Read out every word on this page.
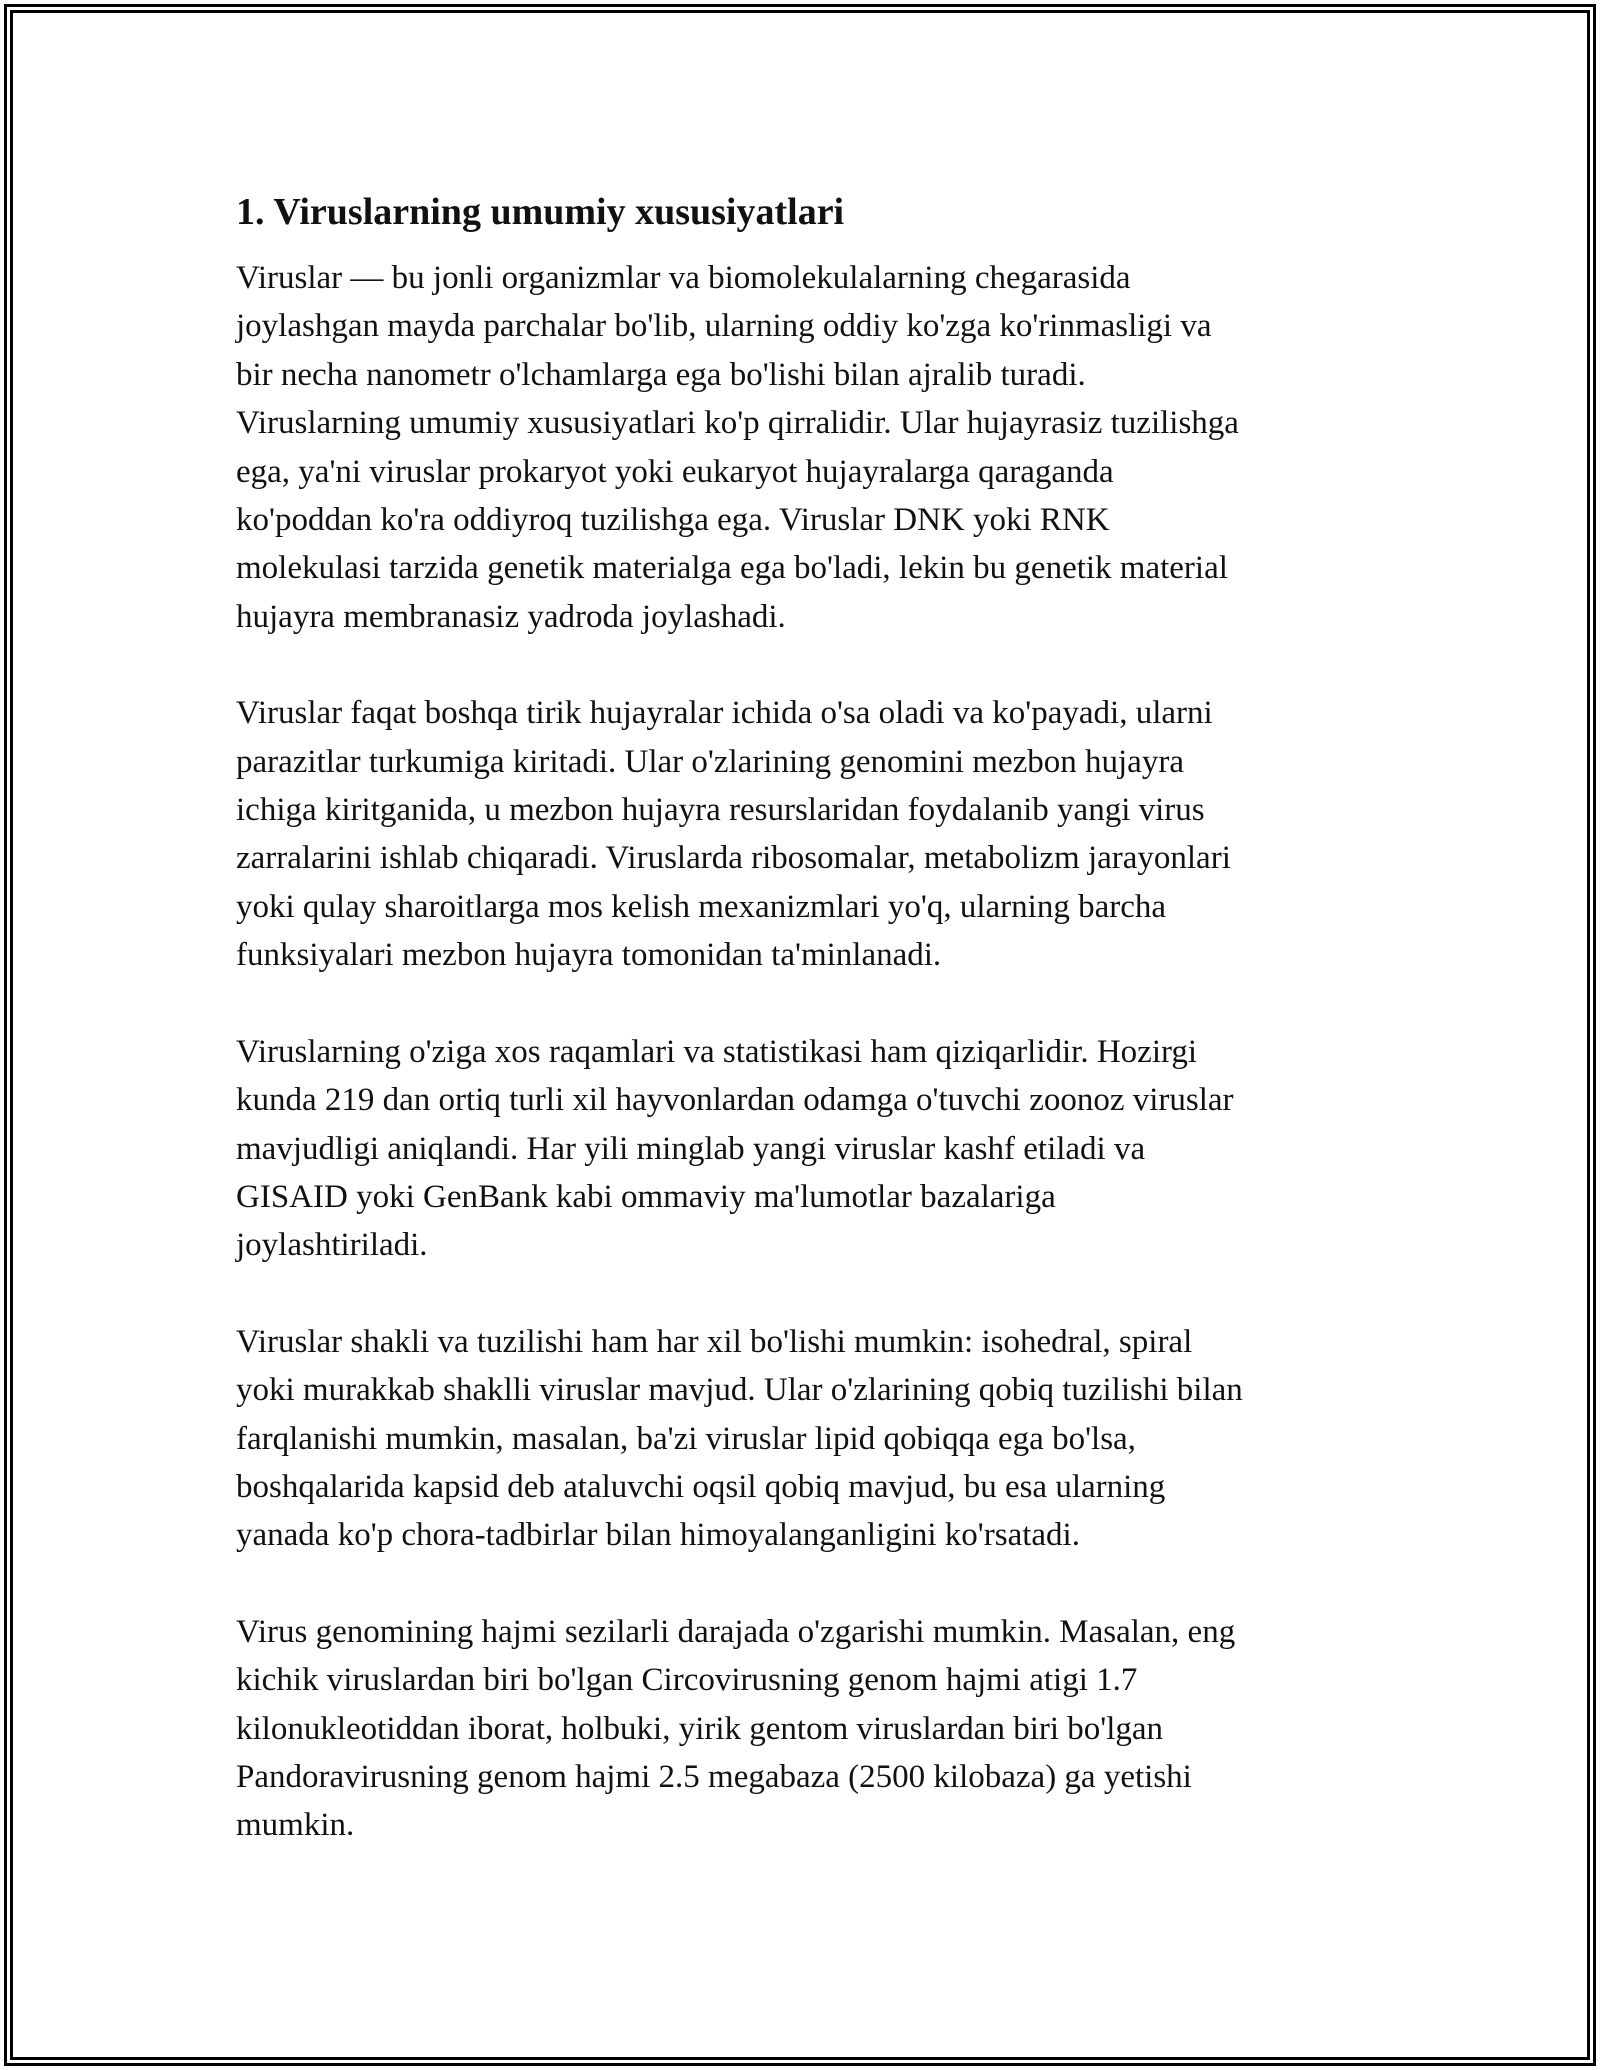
1. Viruslarning umumiy xususiyatlari

Viruslar — bu jonli organizmlar va biomolekulalarning chegarasida
joylashgan mayda parchalar bo'lib, ularning oddiy ko'zga ko'rinmasligi va
bir necha nanometr o'lchamlarga ega bo'lishi bilan ajralib turadi.
Viruslarning umumiy xususiyatlari ko'p qirralidir. Ular hujayrasiz tuzilishga
ega, ya'ni viruslar prokaryot yoki eukaryot hujayralarga qaraganda
ko'poddan ko'ra oddiyroq tuzilishga ega. Viruslar DNK yoki RNK
molekulasi tarzida genetik materialga ega bo'ladi, lekin bu genetik material
hujayra membranasiz yadroda joylashadi.

Viruslar faqat boshqa tirik hujayralar ichida o'sa oladi va ko'payadi, ularni
parazitlar turkumiga kiritadi. Ular o'zlarining genomini mezbon hujayra
ichiga kiritganida, u mezbon hujayra resurslaridan foydalanib yangi virus
zarralarini ishlab chiqaradi. Viruslarda ribosomalar, metabolizm jarayonlari
yoki qulay sharoitlarga mos kelish mexanizmlari yo'q, ularning barcha
funksiyalari mezbon hujayra tomonidan ta'minlanadi.

Viruslarning o'ziga xos raqamlari va statistikasi ham qiziqarlidir. Hozirgi
kunda 219 dan ortiq turli xil hayvonlardan odamga o'tuvchi zoonoz viruslar
mavjudligi aniqlandi. Har yili minglab yangi viruslar kashf etiladi va
GISAID yoki GenBank kabi ommaviy ma'lumotlar bazalariga
joylashtiriladi.

Viruslar shakli va tuzilishi ham har xil bo'lishi mumkin: isohedral, spiral
yoki murakkab shaklli viruslar mavjud. Ular o'zlarining qobiq tuzilishi bilan
farqlanishi mumkin, masalan, ba'zi viruslar lipid qobiqqa ega bo'lsa,
boshqalarida kapsid deb ataluvchi oqsil qobiq mavjud, bu esa ularning
yanada ko'p chora-tadbirlar bilan himoyalanganligini ko'rsatadi.

Virus genomining hajmi sezilarli darajada o'zgarishi mumkin. Masalan, eng
kichik viruslardan biri bo'lgan Circovirusning genom hajmi atigi 1.7
kilonukleotiddan iborat, holbuki, yirik gentom viruslardan biri bo'lgan
Pandoravirusning genom hajmi 2.5 megabaza (2500 kilobaza) ga yetishi
mumkin.
